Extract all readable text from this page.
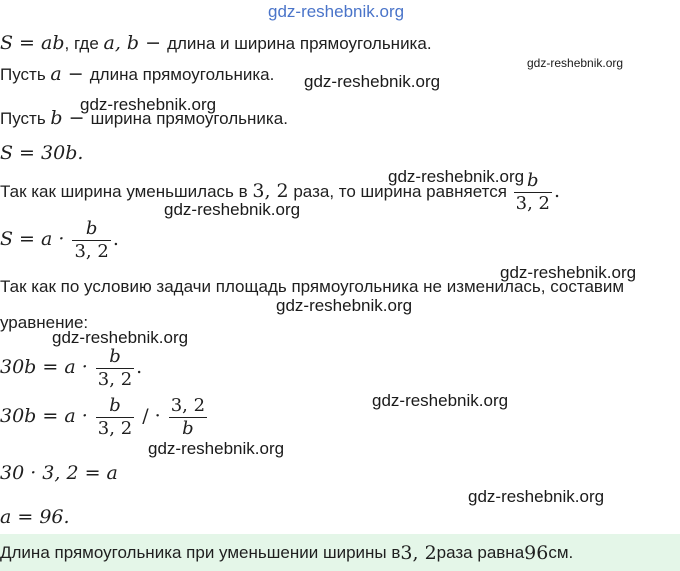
gdz-reshebnik.org
gdz-reshebnik.org
gdz-reshebnik.org
gdz-reshebnik.org
gdz-reshebnik.org
gdz-reshebnik.org
gdz-reshebnik.org
gdz-reshebnik.org
gdz-reshebnik.org
gdz-reshebnik.org
gdz-reshebnik.org
gdz-reshebnik.org
S = ab, где a, b − длина и ширина прямоугольника.
Пусть a − длина прямоугольника.
Пусть b − ширина прямоугольника.
S = 30b.
Так как ширина уменьшилась в 3, 2 раза, то ширина равняется $\frac{b}{3, 2}$ .
$S = a \cdot \frac{b}{3, 2}$ .
Так как по условию задачи площадь прямоугольника не изменилась, составим
уравнение:
$30b = a \cdot \frac{b}{3, 2}$ .
$30b = a \cdot \frac{b}{3, 2}$ / · $\frac{3, 2}{b}$
30 · 3, 2 = a
a = 96.
Длина прямоугольника при уменьшении ширины в 3, 2 раза равна 96 см.
